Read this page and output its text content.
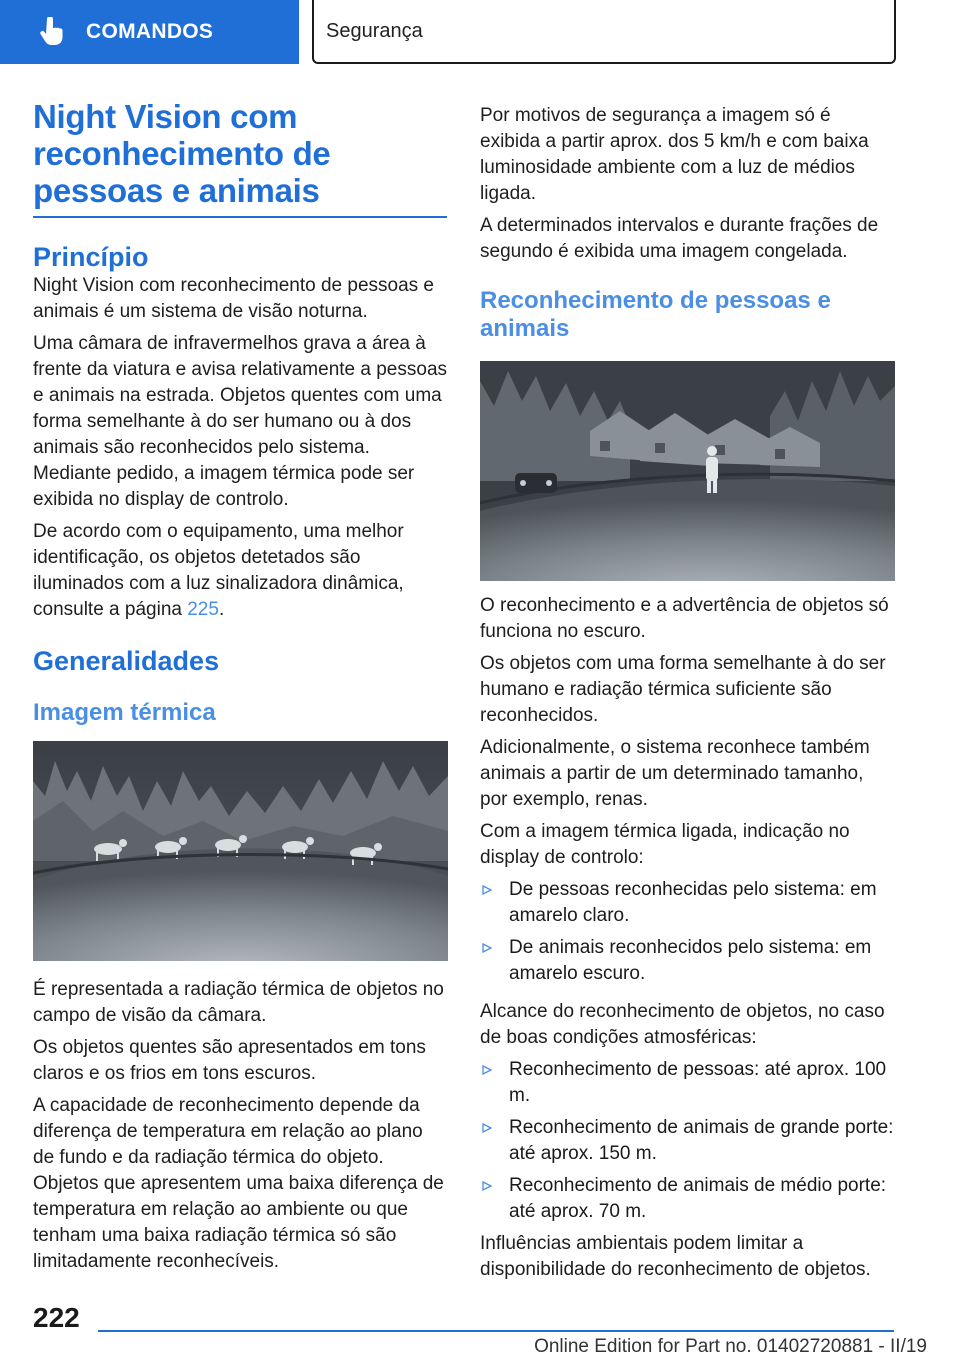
COMANDOS	Segurança
Night Vision com reconhecimento de pessoas e animais
Princípio

Night Vision com reconhecimento de pessoas e animais é um sistema de visão noturna.

Uma câmara de infravermelhos grava a área à frente da viatura e avisa relativamente a pessoas e animais na estrada. Objetos quentes com uma forma semelhante à do ser humano ou à dos animais são reconhecidos pelo sistema. Mediante pedido, a imagem térmica pode ser exibida no display de controlo.

De acordo com o equipamento, uma melhor identificação, os objetos detetados são iluminados com a luz sinalizadora dinâmica, consulte a página 225.

Generalidades
Imagem térmica

É representada a radiação térmica de objetos no campo de visão da câmara.

Os objetos quentes são apresentados em tons claros e os frios em tons escuros.

A capacidade de reconhecimento depende da diferença de temperatura em relação ao plano de fundo e da radiação térmica do objeto. Objetos que apresentem uma baixa diferença de temperatura em relação ao ambiente ou que tenham uma baixa radiação térmica só são limitadamente reconhecíveis.

Por motivos de segurança a imagem só é exibida a partir aprox. dos 5 km/h e com baixa luminosidade ambiente com a luz de médios ligada.

A determinados intervalos e durante frações de segundo é exibida uma imagem congelada.

Reconhecimento de pessoas e animais

O reconhecimento e a advertência de objetos só funciona no escuro.

Os objetos com uma forma semelhante à do ser humano e radiação térmica suficiente são reconhecidos.

Adicionalmente, o sistema reconhece também animais a partir de um determinado tamanho, por exemplo, renas.

Com a imagem térmica ligada, indicação no display de controlo:

De pessoas reconhecidas pelo sistema: em amarelo claro.
De animais reconhecidos pelo sistema: em amarelo escuro.

Alcance do reconhecimento de objetos, no caso de boas condições atmosféricas:

Reconhecimento de pessoas: até aprox. 100 m.
Reconhecimento de animais de grande porte: até aprox. 150 m.
Reconhecimento de animais de médio porte: até aprox. 70 m.

Influências ambientais podem limitar a disponibilidade do reconhecimento de objetos.

222
Online Edition for Part no. 01402720881 - II/19
